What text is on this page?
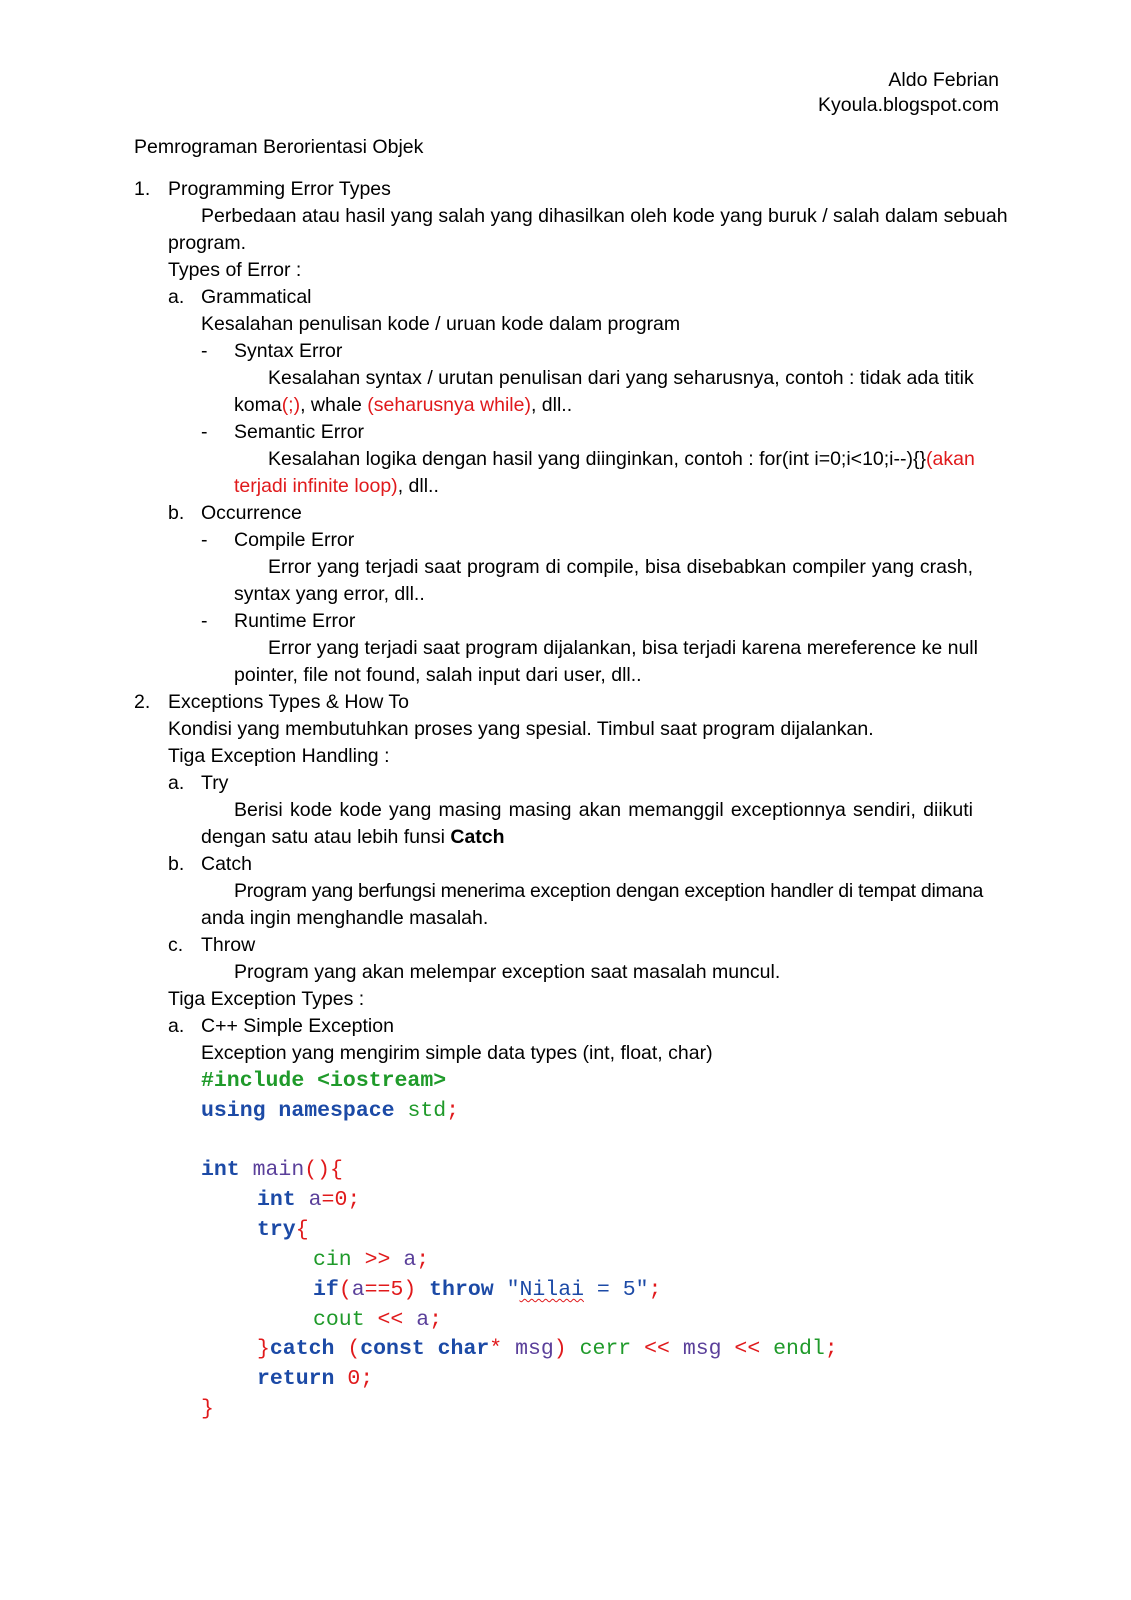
Aldo Febrian
Kyoula.blogspot.com
Pemrograman Berorientasi Objek
1. Programming Error Types
Perbedaan atau hasil yang salah yang dihasilkan oleh kode yang buruk / salah dalam sebuah
program.
Types of Error :
a. Grammatical
Kesalahan penulisan kode / uruan kode dalam program
- Syntax Error
Kesalahan syntax / urutan penulisan dari yang seharusnya, contoh : tidak ada titik
koma(;), whale (seharusnya while), dll..
- Semantic Error
Kesalahan logika dengan hasil yang diinginkan, contoh : for(int i=0;i<10;i--){} (akan
terjadi infinite loop), dll..
b. Occurrence
- Compile Error
Error yang terjadi saat program di compile, bisa disebabkan compiler yang crash,
syntax yang error, dll..
- Runtime Error
Error yang terjadi saat program dijalankan, bisa terjadi karena mereference ke null
pointer, file not found, salah input dari user, dll..
2. Exceptions Types & How To
Kondisi yang membutuhkan proses yang spesial. Timbul saat program dijalankan.
Tiga Exception Handling :
a. Try
Berisi kode kode yang masing masing akan memanggil exceptionnya sendiri, diikuti
dengan satu atau lebih funsi Catch
b. Catch
Program yang berfungsi menerima exception dengan exception handler di tempat dimana
anda ingin menghandle masalah.
c. Throw
Program yang akan melempar exception saat masalah muncul.
Tiga Exception Types :
a. C++ Simple Exception
Exception yang mengirim simple data types (int, float, char)
#include <iostream>
using namespace std;
int main(){
int a=0;
try{
cin >> a;
if(a==5) throw "Nilai = 5";
cout << a;
}catch (const char* msg) cerr << msg << endl;
return 0;
}
